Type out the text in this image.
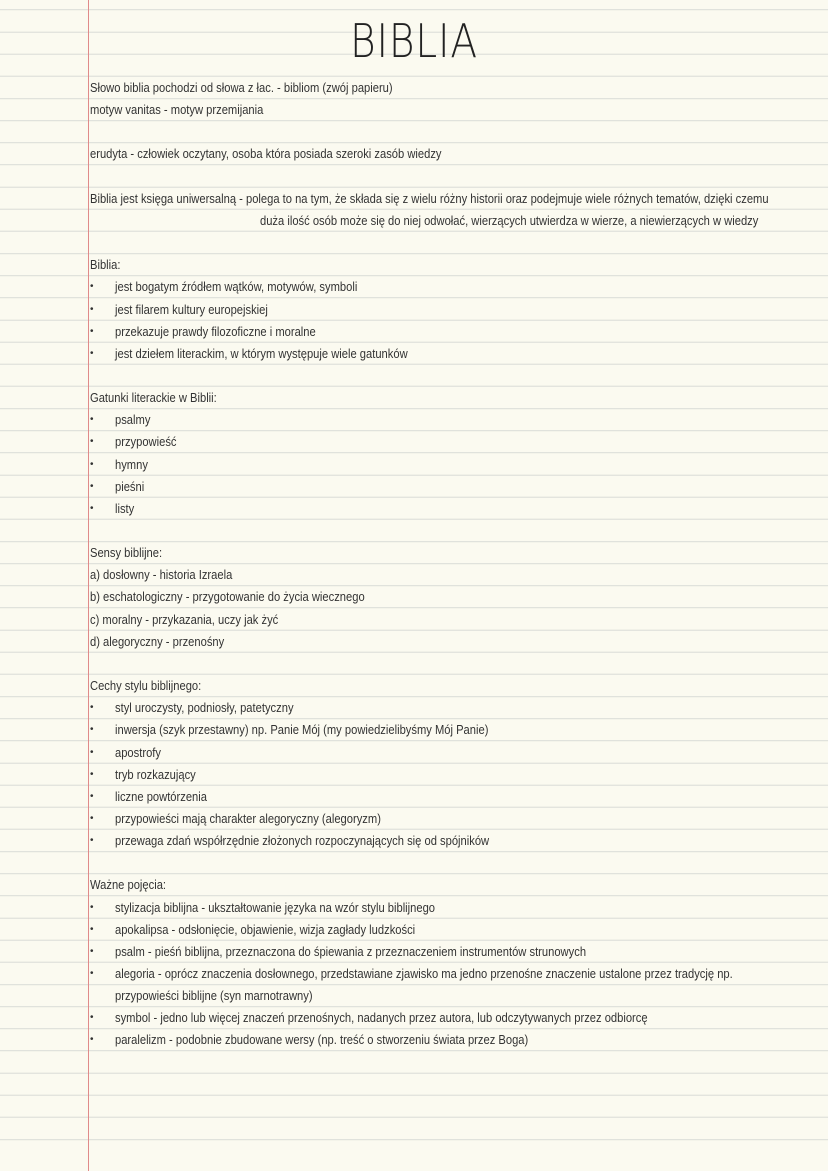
BIBLIA
Słowo biblia pochodzi od słowa z łac. - bibliom (zwój papieru)
motyw vanitas - motyw przemijania
erudyta - człowiek oczytany, osoba która posiada szeroki zasób wiedzy
Biblia jest księga uniwersalną - polega to na tym, że składa się z wielu różny historii oraz podejmuje wiele różnych tematów, dzięki czemu
duża ilość osób może się do niej odwołać, wierzących utwierdza w wierze, a niewierzących w wiedzy
Biblia:
• jest bogatym źródłem wątków, motywów, symboli
• jest filarem kultury europejskiej
• przekazuje prawdy filozoficzne i moralne
• jest dziełem literackim, w którym występuje wiele gatunków
Gatunki literackie w Biblii:
• psalmy
• przypowieść
• hymny
• pieśni
• listy
Sensy biblijne:
a) dosłowny - historia Izraela
b) eschatologiczny - przygotowanie do życia wiecznego
c) moralny - przykazania, uczy jak żyć
d) alegoryczny - przenośny
Cechy stylu biblijnego:
• styl uroczysty, podniosły, patetyczny
• inwersja (szyk przestawny) np. Panie Mój (my powiedzielibyśmy Mój Panie)
• apostrofy
• tryb rozkazujący
• liczne powtórzenia
• przypowieści mają charakter alegoryczny (alegoryzm)
• przewaga zdań współrzędnie złożonych rozpoczynających się od spójników
Ważne pojęcia:
• stylizacja biblijna - ukształtowanie języka na wzór stylu biblijnego
• apokalipsa - odsłonięcie, objawienie, wizja zagłady ludzkości
• psalm - pieśń biblijna, przeznaczona do śpiewania z przeznaczeniem instrumentów strunowych
• alegoria - oprócz znaczenia dosłownego, przedstawiane zjawisko ma jedno przenośne znaczenie ustalone przez tradycję np.
przypowieści biblijne (syn marnotrawny)
• symbol - jedno lub więcej znaczeń przenośnych, nadanych przez autora, lub odczytywanych przez odbiorcę
• paralelizm - podobnie zbudowane wersy (np. treść o stworzeniu świata przez Boga)
